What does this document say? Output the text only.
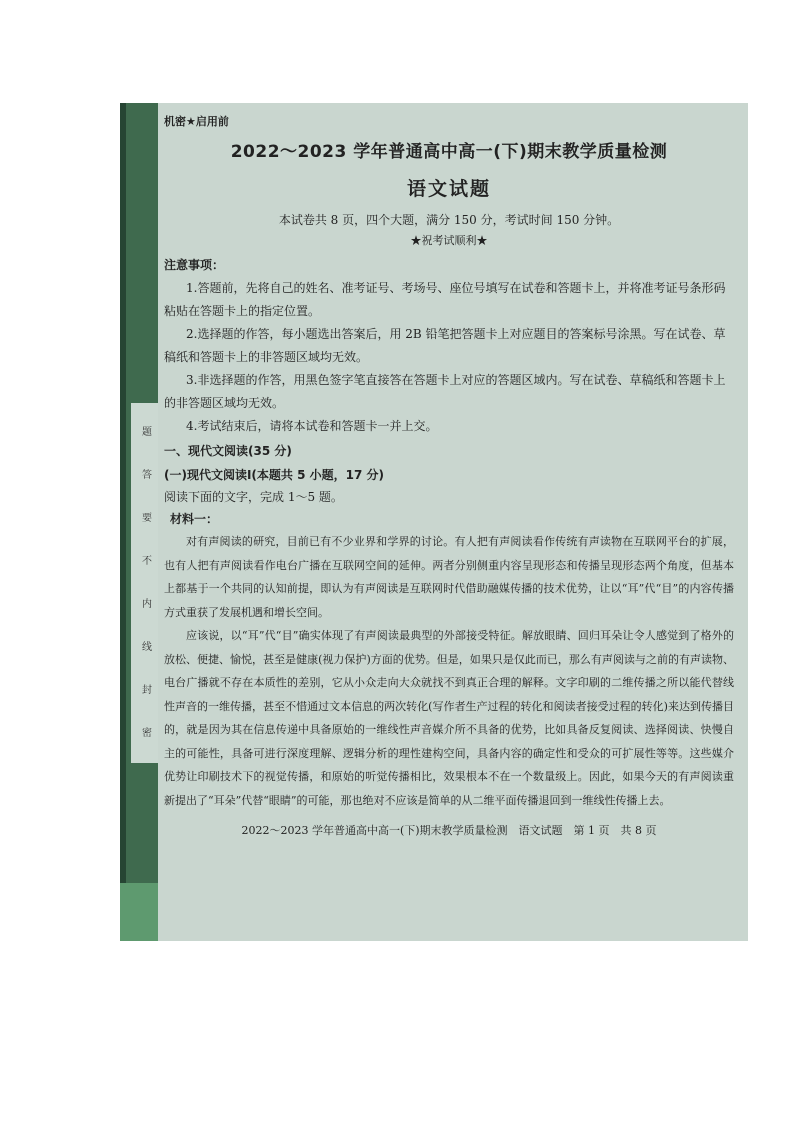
题
答
要
不
内
线
封
密

机密★启用前

2022～2023 学年普通高中高一(下)期末教学质量检测

语文试题

本试卷共 8 页，四个大题，满分 150 分，考试时间 150 分钟。

★祝考试顺利★

注意事项：

1.答题前，先将自己的姓名、准考证号、考场号、座位号填写在试卷和答题卡上，并将准考证号条形码粘贴在答题卡上的指定位置。

2.选择题的作答，每小题选出答案后，用 2B 铅笔把答题卡上对应题目的答案标号涂黑。写在试卷、草稿纸和答题卡上的非答题区域均无效。

3.非选择题的作答，用黑色签字笔直接答在答题卡上对应的答题区域内。写在试卷、草稿纸和答题卡上的非答题区域均无效。

4.考试结束后，请将本试卷和答题卡一并上交。

一、现代文阅读(35 分)

(一)现代文阅读Ⅰ(本题共 5 小题，17 分)

阅读下面的文字，完成 1～5 题。

材料一：

对有声阅读的研究，目前已有不少业界和学界的讨论。有人把有声阅读看作传统有声读物在互联网平台的扩展，也有人把有声阅读看作电台广播在互联网空间的延伸。两者分别侧重内容呈现形态和传播呈现形态两个角度，但基本上都基于一个共同的认知前提，即认为有声阅读是互联网时代借助融媒传播的技术优势，让以“耳”代“目”的内容传播方式重获了发展机遇和增长空间。

应该说，以“耳”代“目”确实体现了有声阅读最典型的外部接受特征。解放眼睛、回归耳朵让令人感觉到了格外的放松、便捷、愉悦，甚至是健康(视力保护)方面的优势。但是，如果只是仅此而已，那么有声阅读与之前的有声读物、电台广播就不存在本质性的差别，它从小众走向大众就找不到真正合理的解释。文字印刷的二维传播之所以能代替线性声音的一维传播，甚至不惜通过文本信息的两次转化(写作者生产过程的转化和阅读者接受过程的转化)来达到传播目的，就是因为其在信息传递中具备原始的一维线性声音媒介所不具备的优势，比如具备反复阅读、选择阅读、快慢自主的可能性，具备可进行深度理解、逻辑分析的理性建构空间，具备内容的确定性和受众的可扩展性等等。这些媒介优势让印刷技术下的视觉传播，和原始的听觉传播相比，效果根本不在一个数量级上。因此，如果今天的有声阅读重新提出了“耳朵”代替“眼睛”的可能，那也绝对不应该是简单的从二维平面传播退回到一维线性传播上去。

2022～2023 学年普通高中高一(下)期末教学质量检测　语文试题　第 1 页　共 8 页
